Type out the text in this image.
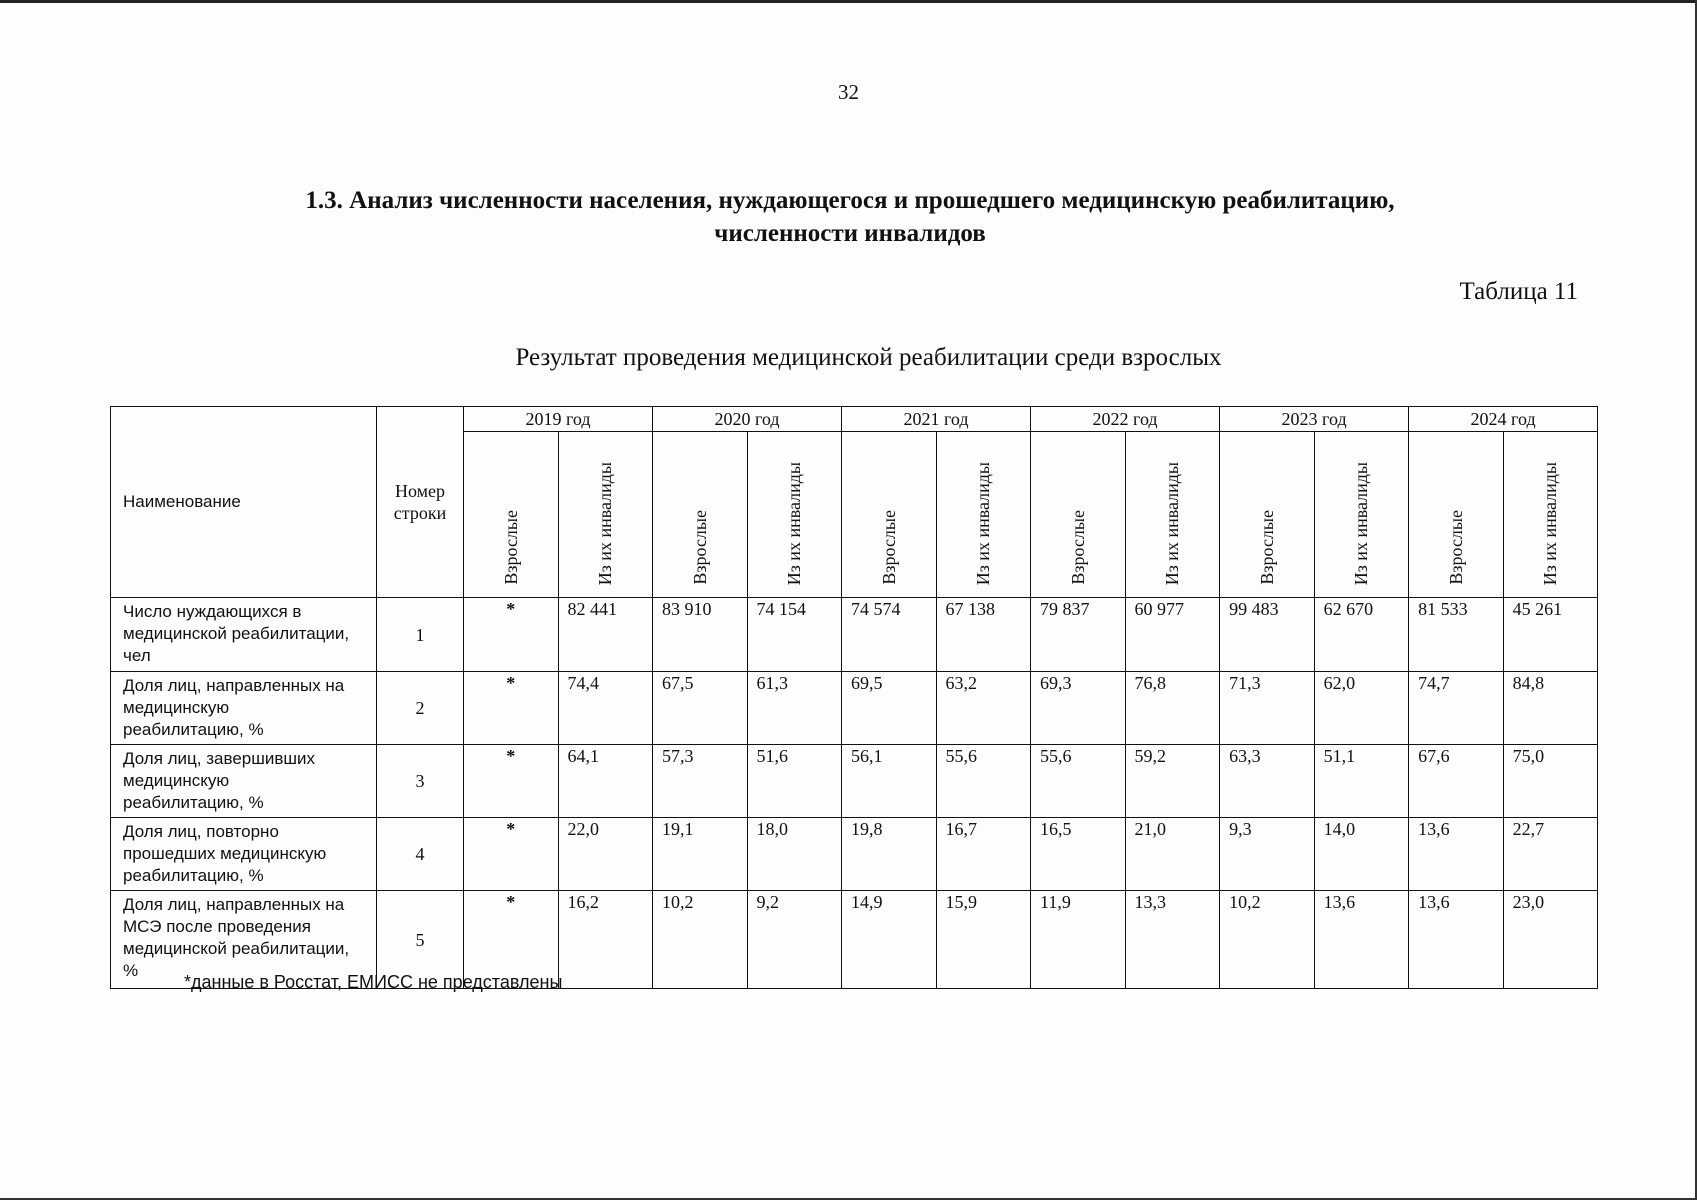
32
1.3. Анализ численности населения, нуждающегося и прошедшего медицинскую реабилитацию,
численности инвалидов
Таблица 11
Результат проведения медицинской реабилитации среди взрослых
Наименование	Номер
строки	2019 год		2020 год		2021 год		2022 год		2023 год		2024 год	

		Взрослые	Из их инвалиды	Взрослые	Из их инвалиды	Взрослые	Из их инвалиды	Взрослые	Из их инвалиды	Взрослые	Из их инвалиды	Взрослые	Из их инвалиды

Число нуждающихся в
медицинской реабилитации,
чел	1	*	82 441	83 910	74 154	74 574	67 138	79 837	60 977	99 483	62 670	81 533	45 261

Доля лиц, направленных на
медицинскую
реабилитацию, %	2	*	74,4	67,5	61,3	69,5	63,2	69,3	76,8	71,3	62,0	74,7	84,8

Доля лиц, завершивших
медицинскую
реабилитацию, %	3	*	64,1	57,3	51,6	56,1	55,6	55,6	59,2	63,3	51,1	67,6	75,0

Доля лиц, повторно
прошедших медицинскую
реабилитацию, %	4	*	22,0	19,1	18,0	19,8	16,7	16,5	21,0	9,3	14,0	13,6	22,7

Доля лиц, направленных на
МСЭ после проведения
медицинской реабилитации,
%	5	*	16,2	10,2	9,2	14,9	15,9	11,9	13,3	10,2	13,6	13,6	23,0
*данные в Росстат, ЕМИСС не представлены
